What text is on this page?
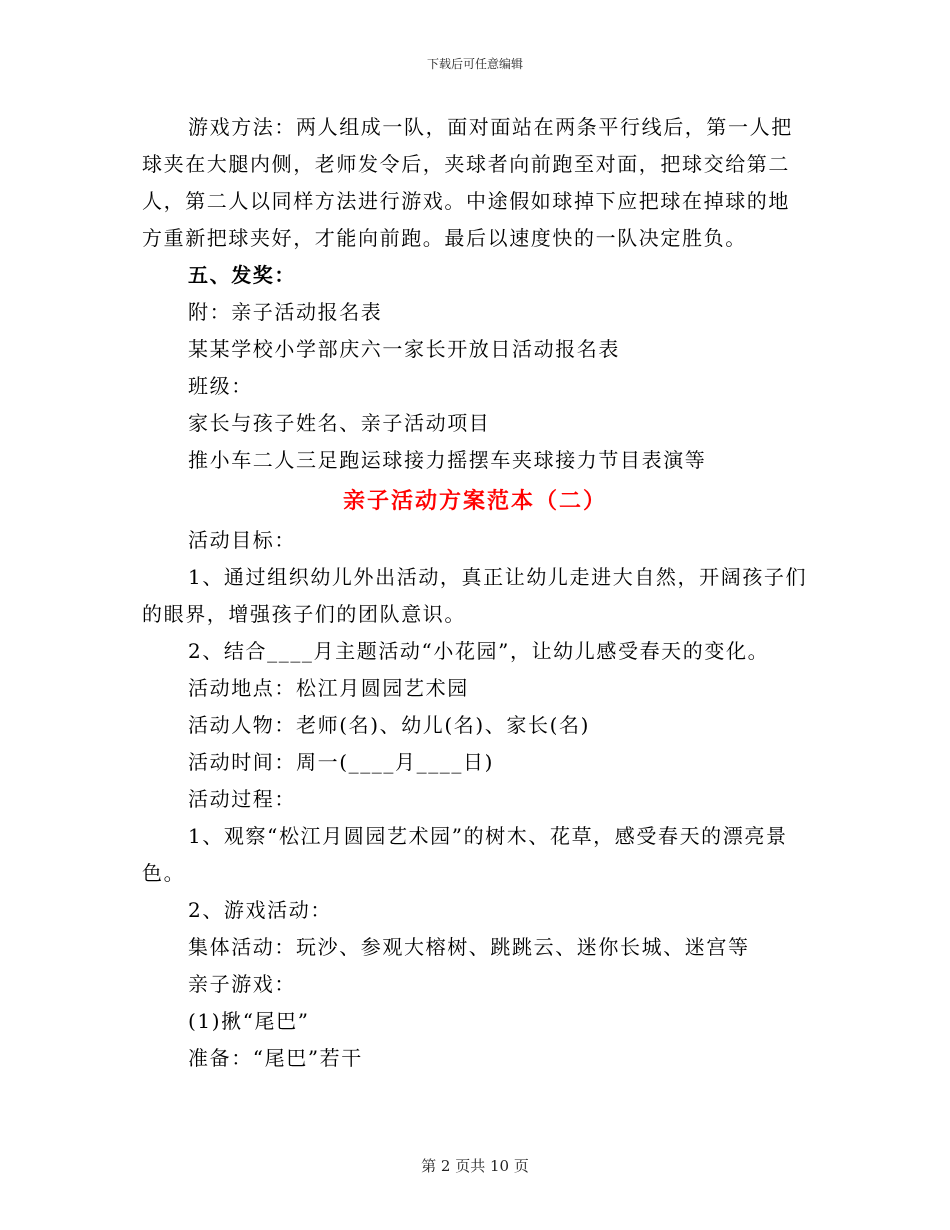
下载后可任意编辑
游戏方法：两人组成一队，面对面站在两条平行线后，第一人把
球夹在大腿内侧，老师发令后，夹球者向前跑至对面，把球交给第二
人，第二人以同样方法进行游戏。中途假如球掉下应把球在掉球的地
方重新把球夹好，才能向前跑。最后以速度快的一队决定胜负。
五、发奖：
附：亲子活动报名表
某某学校小学部庆六一家长开放日活动报名表
班级：
家长与孩子姓名、亲子活动项目
推小车二人三足跑运球接力摇摆车夹球接力节目表演等
亲子活动方案范本（二）
活动目标：
1、通过组织幼儿外出活动，真正让幼儿走进大自然，开阔孩子们
的眼界，增强孩子们的团队意识。
2、结合____月主题活动“小花园”，让幼儿感受春天的变化。
活动地点：松江月圆园艺术园
活动人物：老师(名)、幼儿(名)、家长(名)
活动时间：周一(____月____日)
活动过程：
1、观察“松江月圆园艺术园”的树木、花草，感受春天的漂亮景
色。
2、游戏活动：
集体活动：玩沙、参观大榕树、跳跳云、迷你长城、迷宫等
亲子游戏：
(1)揪“尾巴”
准备：“尾巴”若干
第 2 页共 10 页
